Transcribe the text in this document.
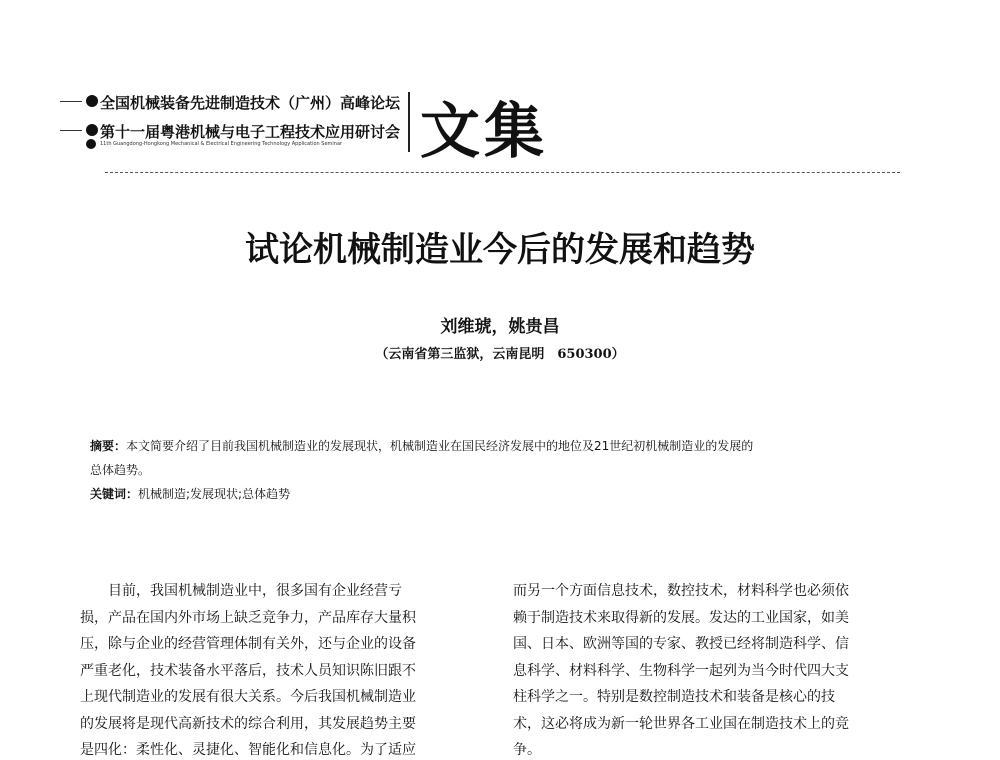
全国机械装备先进制造技术（广州）高峰论坛
第十一届粤港机械与电子工程技术应用研讨会
11th Guangdong-Hongkong Mechanical & Electrical Engineering Technology Application Seminar 文集
试论机械制造业今后的发展和趋势
刘维琥，姚贵昌
（云南省第三监狱，云南昆明　650300）
摘要：本文简要介绍了目前我国机械制造业的发展现状，机械制造业在国民经济发展中的地位及21世纪初机械制造业的发展的
总体趋势。
关键词：机械制造;发展现状;总体趋势
　　目前，我国机械制造业中，很多国有企业经营亏
损，产品在国内外市场上缺乏竞争力，产品库存大量积
压，除与企业的经营管理体制有关外，还与企业的设备
严重老化，技术装备水平落后，技术人员知识陈旧跟不
上现代制造业的发展有很大关系。今后我国机械制造业
的发展将是现代高新技术的综合利用，其发展趋势主要
是四化：柔性化、灵捷化、智能化和信息化。为了适应
而另一个方面信息技术，数控技术，材料科学也必须依
赖于制造技术来取得新的发展。发达的工业国家，如美
国、日本、欧洲等国的专家、教授已经将制造科学、信
息科学、材料科学、生物科学一起列为当今时代四大支
柱科学之一。特别是数控制造技术和装备是核心的技
术，这必将成为新一轮世界各工业国在制造技术上的竞
争。
